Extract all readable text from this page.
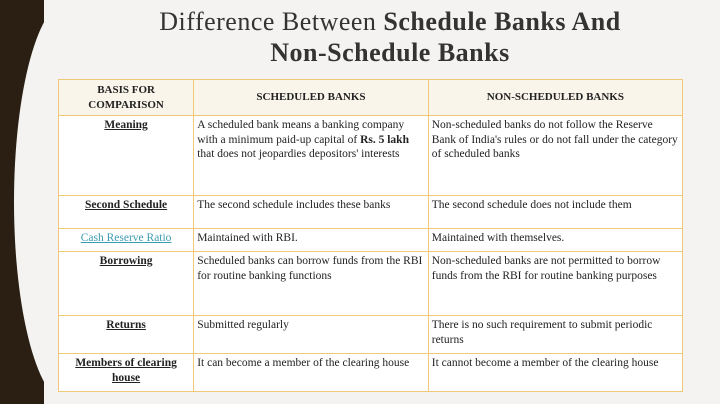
Difference Between Schedule Banks And
Non-Schedule Banks
BASIS FOR
COMPARISON	SCHEDULED BANKS	NON-SCHEDULED BANKS
Meaning	A scheduled bank means a banking company with a minimum paid-up capital of Rs. 5 lakh that does not jeopardies depositors' interests	Non-scheduled banks do not follow the Reserve Bank of India's rules or do not fall under the category of scheduled banks
Second Schedule	The second schedule includes these banks	The second schedule does not include them
Cash Reserve Ratio	Maintained with RBI.	Maintained with themselves.
Borrowing	Scheduled banks can borrow funds from the RBI for routine banking functions	Non-scheduled banks are not permitted to borrow funds from the RBI for routine banking purposes
Returns	Submitted regularly	There is no such requirement to submit periodic returns

Members of clearing
house	It can become a member of the clearing house	It cannot become a member of the clearing house
